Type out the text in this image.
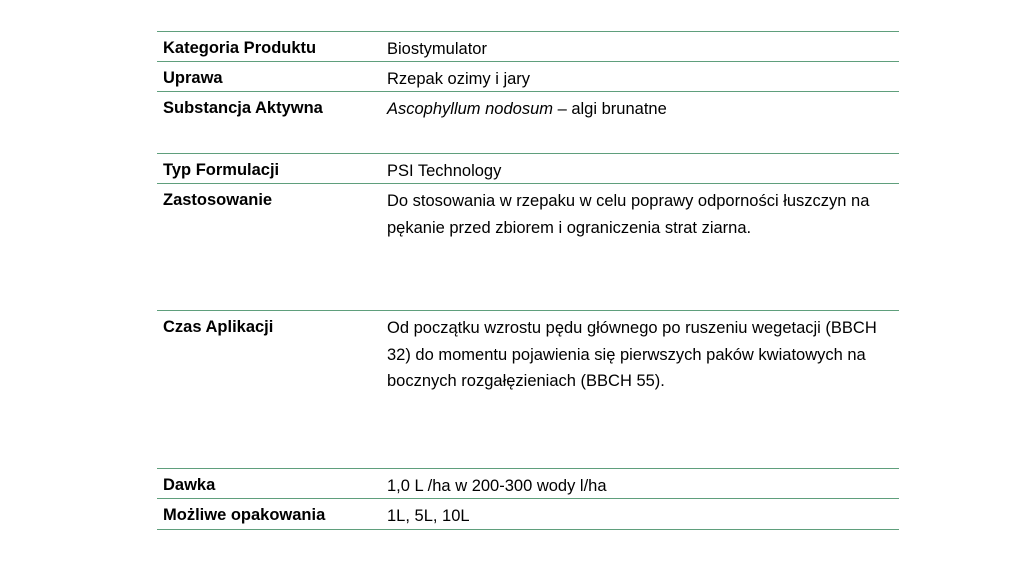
Kategoria Produktu	Biostymulator
Uprawa	Rzepak ozimy i jary
Substancja Aktywna	Ascophyllum nodosum – algi brunatne
Typ Formulacji	PSI Technology
Zastosowanie	Do stosowania w rzepaku w celu poprawy odporności łuszczyn na pękanie przed zbiorem i ograniczenia strat ziarna.
Czas Aplikacji	Od początku wzrostu pędu głównego po ruszeniu wegetacji (BBCH 32) do momentu pojawienia się pierwszych paków kwiatowych na bocznych rozgałęzieniach (BBCH 55).
Dawka	1,0 L /ha w 200-300 wody l/ha
Możliwe opakowania	1L, 5L, 10L
